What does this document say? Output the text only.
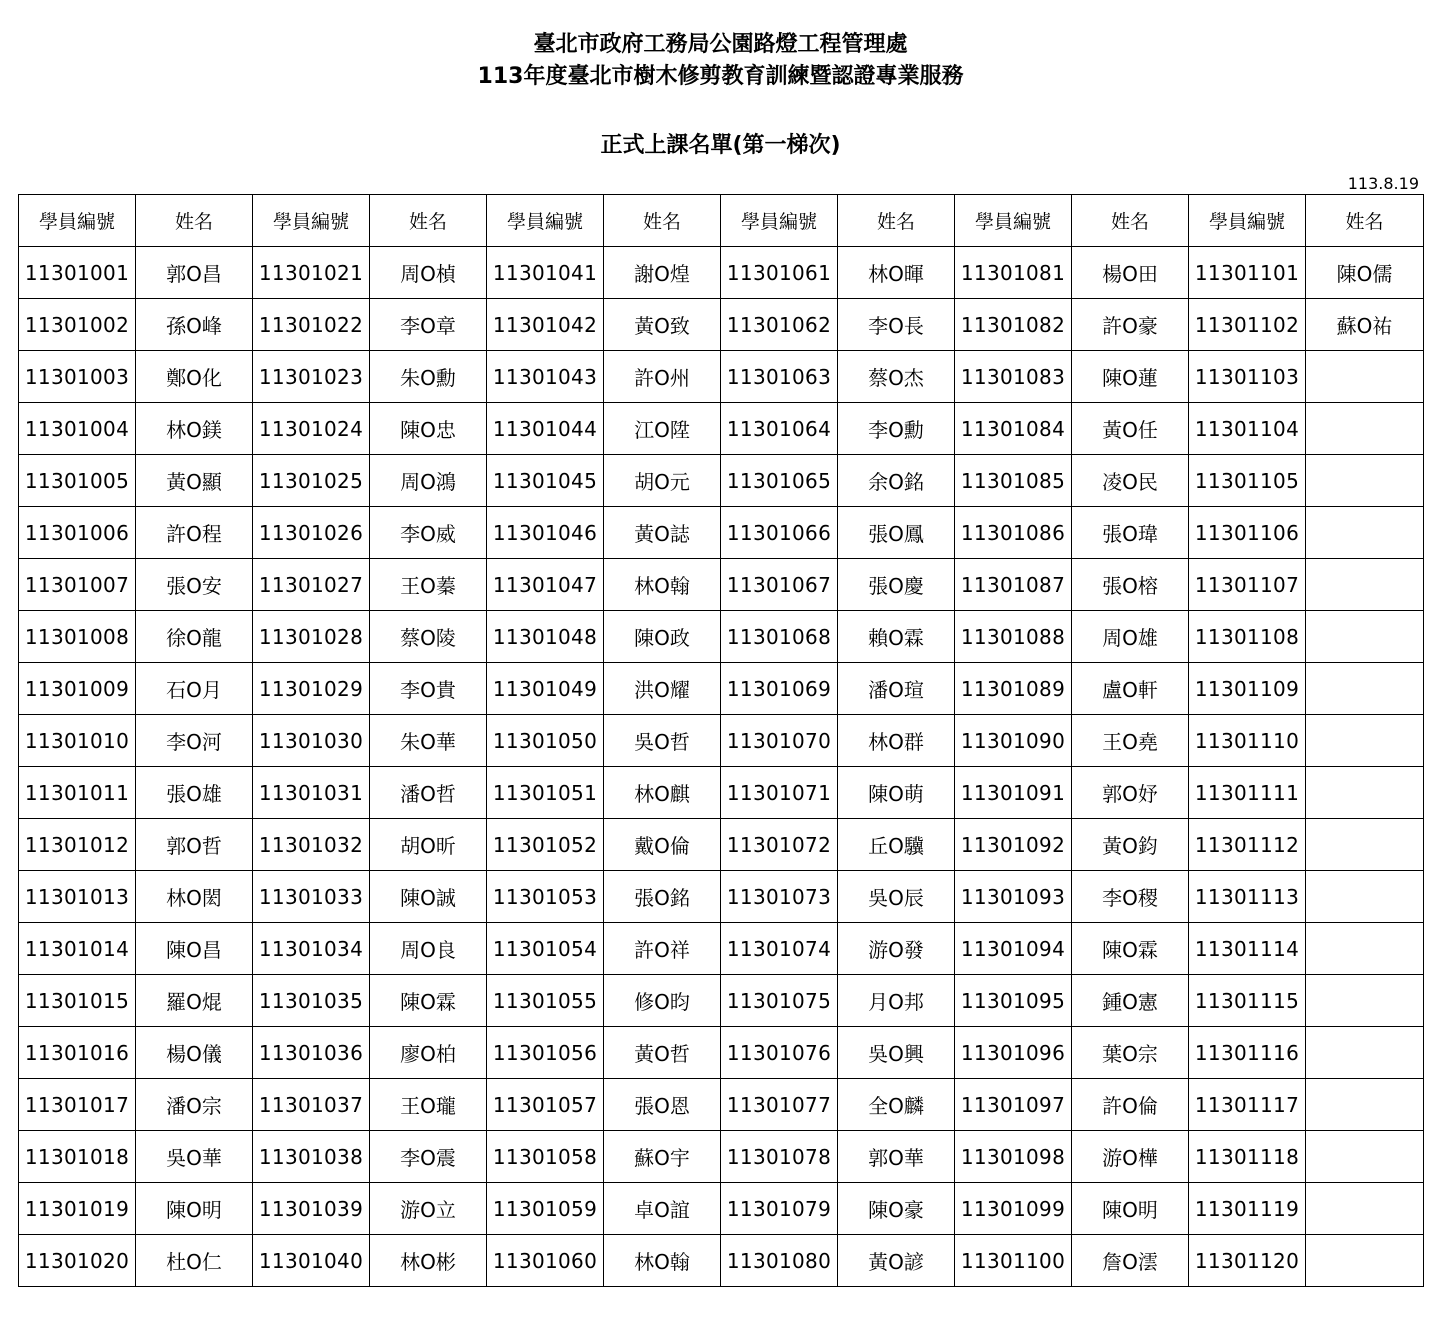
臺北市政府工務局公園路燈工程管理處
113年度臺北市樹木修剪教育訓練暨認證專業服務
正式上課名單(第一梯次)
113.8.19
學員編號	姓名	學員編號	姓名	學員編號	姓名	學員編號	姓名	學員編號	姓名	學員編號	姓名
11301001	郭O昌	11301021	周O楨	11301041	謝O煌	11301061	林O暉	11301081	楊O田	11301101	陳O儒
11301002	孫O峰	11301022	李O章	11301042	黃O致	11301062	李O長	11301082	許O豪	11301102	蘇O祐
11301003	鄭O化	11301023	朱O勳	11301043	許O州	11301063	蔡O杰	11301083	陳O蓮	11301103	
11301004	林O鎂	11301024	陳O忠	11301044	江O陞	11301064	李O勳	11301084	黃O任	11301104	
11301005	黃O顯	11301025	周O鴻	11301045	胡O元	11301065	余O銘	11301085	凌O民	11301105	
11301006	許O程	11301026	李O威	11301046	黃O誌	11301066	張O鳳	11301086	張O瑋	11301106	
11301007	張O安	11301027	王O蓁	11301047	林O翰	11301067	張O慶	11301087	張O榕	11301107	
11301008	徐O龍	11301028	蔡O陵	11301048	陳O政	11301068	賴O霖	11301088	周O雄	11301108	
11301009	石O月	11301029	李O貴	11301049	洪O耀	11301069	潘O瑄	11301089	盧O軒	11301109	
11301010	李O河	11301030	朱O華	11301050	吳O哲	11301070	林O群	11301090	王O堯	11301110	
11301011	張O雄	11301031	潘O哲	11301051	林O麒	11301071	陳O萌	11301091	郭O妤	11301111	
11301012	郭O哲	11301032	胡O昕	11301052	戴O倫	11301072	丘O驥	11301092	黃O鈞	11301112	
11301013	林O閎	11301033	陳O誠	11301053	張O銘	11301073	吳O辰	11301093	李O稷	11301113	
11301014	陳O昌	11301034	周O良	11301054	許O祥	11301074	游O發	11301094	陳O霖	11301114	
11301015	羅O焜	11301035	陳O霖	11301055	修O昀	11301075	月O邦	11301095	鍾O憲	11301115	
11301016	楊O儀	11301036	廖O柏	11301056	黃O哲	11301076	吳O興	11301096	葉O宗	11301116	
11301017	潘O宗	11301037	王O瓏	11301057	張O恩	11301077	全O麟	11301097	許O倫	11301117	
11301018	吳O華	11301038	李O震	11301058	蘇O宇	11301078	郭O華	11301098	游O樺	11301118	
11301019	陳O明	11301039	游O立	11301059	卓O誼	11301079	陳O豪	11301099	陳O明	11301119	
11301020	杜O仁	11301040	林O彬	11301060	林O翰	11301080	黃O諺	11301100	詹O澐	11301120	
